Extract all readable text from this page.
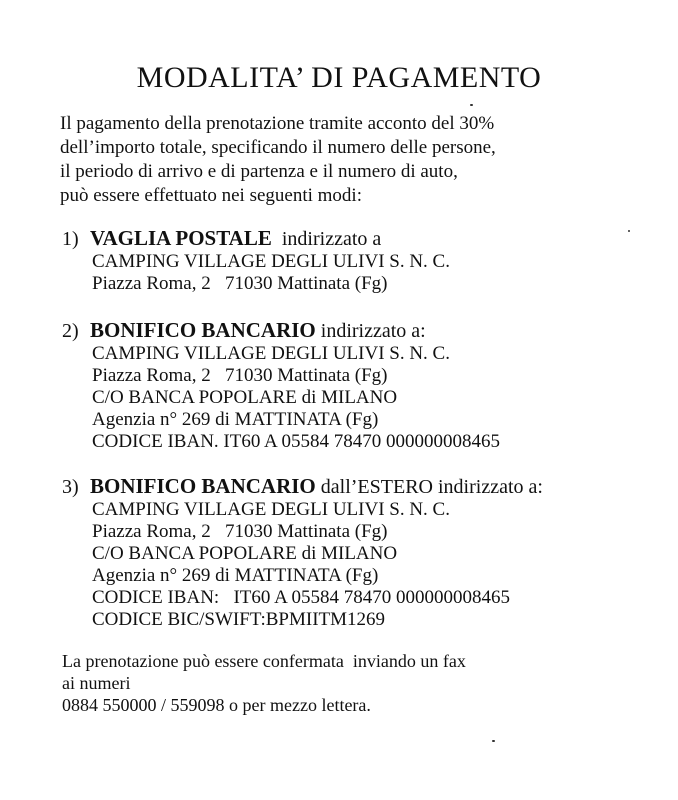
MODALITA’ DI PAGAMENTO
Il pagamento della prenotazione tramite acconto del 30%
dell’importo totale, specificando il numero delle persone,
il periodo di arrivo e di partenza e il numero di auto,
può essere effettuato nei seguenti modi:
1) VAGLIA POSTALE  indirizzato a
CAMPING VILLAGE DEGLI ULIVI S. N. C.
Piazza Roma, 2   71030 Mattinata (Fg)
2) BONIFICO BANCARIO indirizzato a:
CAMPING VILLAGE DEGLI ULIVI S. N. C.
Piazza Roma, 2   71030 Mattinata (Fg)
C/O BANCA POPOLARE di MILANO
Agenzia n° 269 di MATTINATA (Fg)
CODICE IBAN. IT60 A 05584 78470 000000008465
3) BONIFICO BANCARIO dall’ESTERO indirizzato a:
CAMPING VILLAGE DEGLI ULIVI S. N. C.
Piazza Roma, 2   71030 Mattinata (Fg)
C/O BANCA POPOLARE di MILANO
Agenzia n° 269 di MATTINATA (Fg)
CODICE IBAN:   IT60 A 05584 78470 000000008465
CODICE BIC/SWIFT:BPMIITM1269
La prenotazione può essere confermata  inviando un fax
ai numeri
0884 550000 / 559098 o per mezzo lettera.
